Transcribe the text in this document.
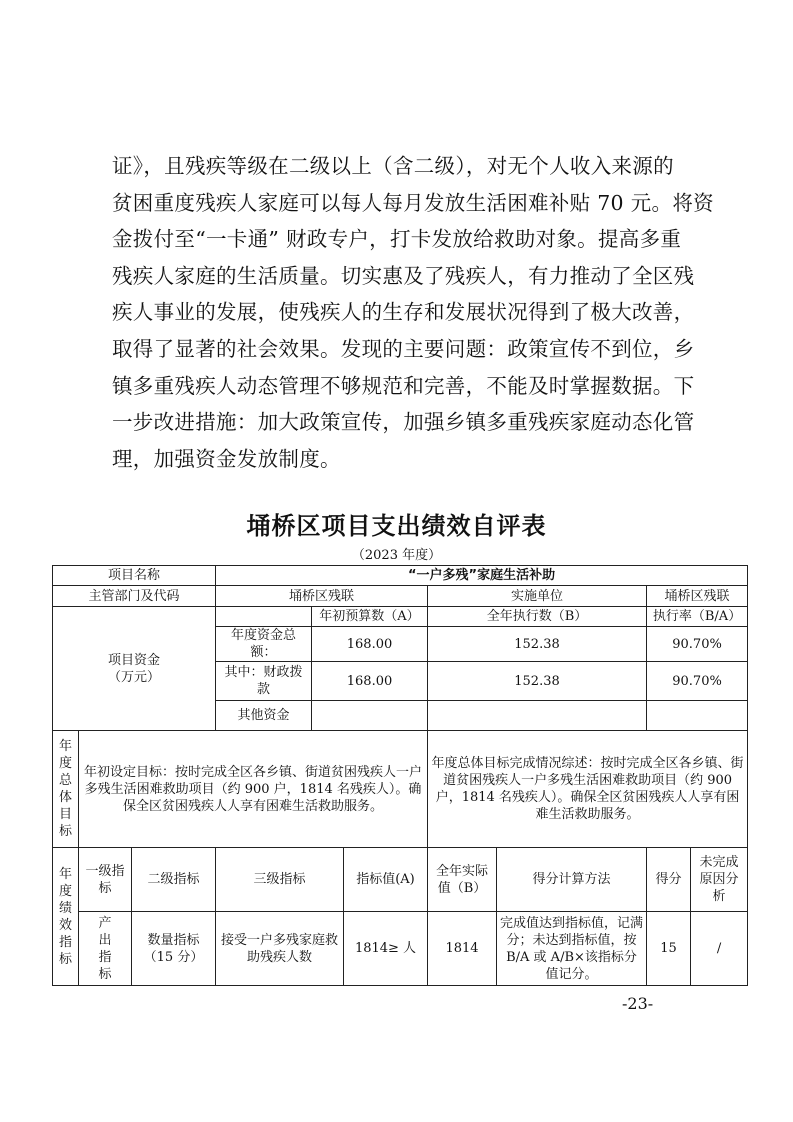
证》，且残疾等级在二级以上（含二级），对无个人收入来源的
贫困重度残疾人家庭可以每人每月发放生活困难补贴 70 元。将资
金拨付至“一卡通” 财政专户，打卡发放给救助对象。提高多重
残疾人家庭的生活质量。切实惠及了残疾人，有力推动了全区残
疾人事业的发展，使残疾人的生存和发展状况得到了极大改善，
取得了显著的社会效果。发现的主要问题：政策宣传不到位，乡
镇多重残疾人动态管理不够规范和完善，不能及时掌握数据。下
一步改进措施：加大政策宣传，加强乡镇多重残疾家庭动态化管
理，加强资金发放制度。
埇桥区项目支出绩效自评表
（2023 年度）
项目名称			“一户多残”家庭生活补助						
主管部门及代码			埇桥区残联			实施单位		埇桥区残联	
项目资金（万元）				年初预算数（A）		全年执行数（B）		执行率（B/A）	
			年度资金总额：	168.00		152.38		90.70%	
			其中：财政拨款	168.00		152.38		90.70%	
			其他资金						

年度总体目标	年初设定目标：按时完成全区各乡镇、街道贫困残疾人一户多残生活困难救助项目（约 900 户，1814 名残疾人）。确保全区贫困残疾人人享有困难生活救助服务。					年度总体目标完成情况综述：按时完成全区各乡镇、街道贫困残疾人一户多残生活困难救助项目（约 900 户，1814 名残疾人）。确保全区贫困残疾人人享有困难生活救助服务。			

年度绩效指标	一级指标	二级指标	三级指标		指标值(A)	全年实际值（B）	得分计算方法	得分	未完成原因分析

	产出指标	数量指标（15 分）	接受一户多残家庭救助残疾人数		1814≥ 人	1814	完成值达到指标值，记满分；未达到指标值，按 B/A 或 A/B×该指标分值记分。	15	/
-23-
